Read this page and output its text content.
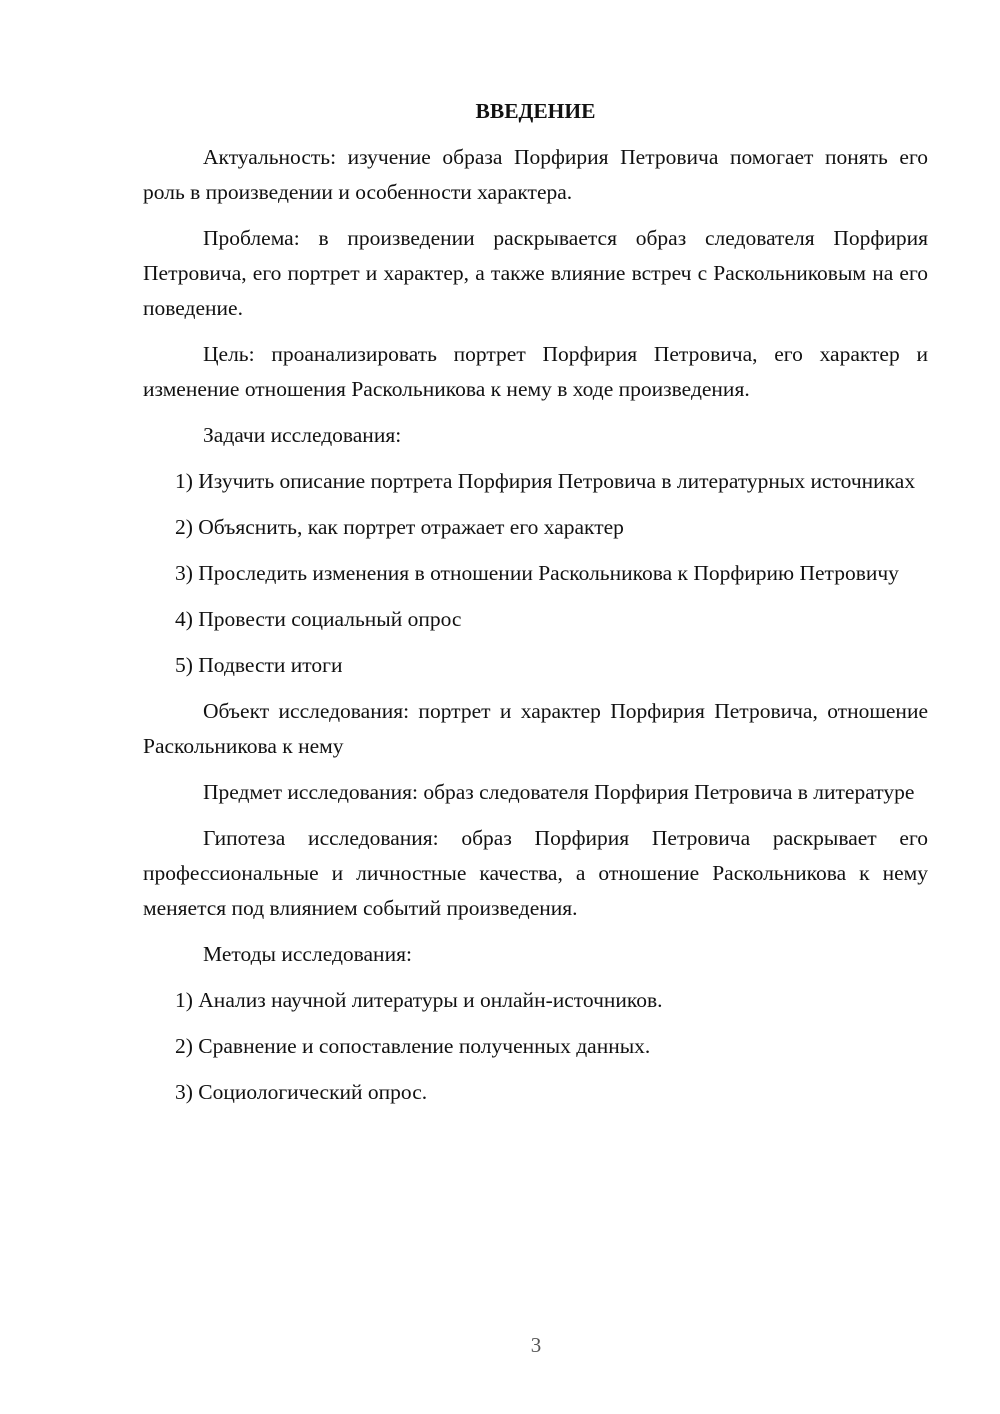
ВВЕДЕНИЕ

Актуальность: изучение образа Порфирия Петровича помогает понять его роль в произведении и особенности характера.

Проблема: в произведении раскрывается образ следователя Порфирия Петровича, его портрет и характер, а также влияние встреч с Раскольниковым на его поведение.

Цель: проанализировать портрет Порфирия Петровича, его характер и изменение отношения Раскольникова к нему в ходе произведения.

Задачи исследования:

1) Изучить описание портрета Порфирия Петровича в литературных источниках

2) Объяснить, как портрет отражает его характер

3) Проследить изменения в отношении Раскольникова к Порфирию Петровичу

4) Провести социальный опрос

5) Подвести итоги

Объект исследования: портрет и характер Порфирия Петровича, отношение Раскольникова к нему

Предмет исследования: образ следователя Порфирия Петровича в литературе

Гипотеза исследования: образ Порфирия Петровича раскрывает его профессиональные и личностные качества, а отношение Раскольникова к нему меняется под влиянием событий произведения.

Методы исследования:

1) Анализ научной литературы и онлайн-источников.

2) Сравнение и сопоставление полученных данных.

3) Социологический опрос.

3
